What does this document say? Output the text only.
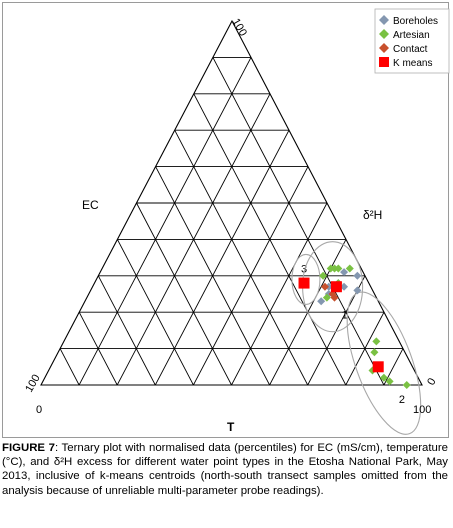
3
1
2
EC
δ²H
T
100
0
100
0	100
Boreholes
Artesian
Contact
K means
FIGURE 7: Ternary plot with normalised data (percentiles) for EC (mS/cm), temperature (°C), and δ²H excess for different water point types in the Etosha National Park, May 2013, inclusive of k-means centroids (north-south transect samples omitted from the analysis because of unreliable multi-parameter probe readings).
